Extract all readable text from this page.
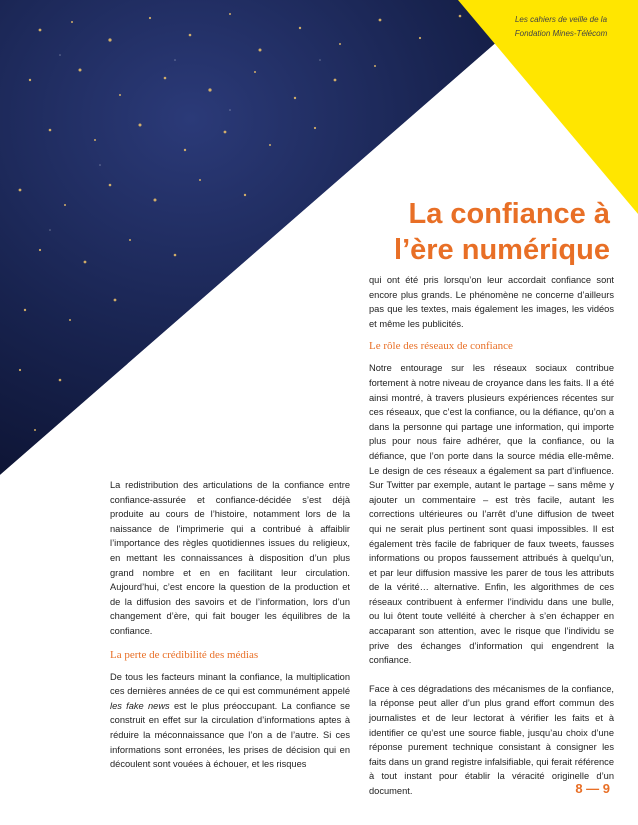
Les cahiers de veille de la
Fondation Mines-Télécom
La confiance à
l’ère numérique

La redistribution des articulations de la confiance entre confiance-assurée et confiance-décidée s’est déjà produite au cours de l’histoire, notamment lors de la naissance de l’imprimerie qui a contribué à affaiblir l’importance des règles quotidiennes issues du religieux, en mettant les connaissances à disposition d’un plus grand nombre et en en facilitant leur circulation. Aujourd’hui, c’est encore la question de la production et de la diffusion des savoirs et de l’information, lors d’un changement d’ère, qui fait bouger les équilibres de la confiance.

La perte de crédibilité des médias

De tous les facteurs minant la confiance, la multiplication ces dernières années de ce qui est communément appelé les fake news est le plus préoccupant. La confiance se construit en effet sur la circulation d’informations aptes à réduire la méconnaissance que l’on a de l’autre. Si ces informations sont erronées, les prises de décision qui en découlent sont vouées à échouer, et les risques

qui ont été pris lorsqu’on leur accordait confiance sont encore plus grands. Le phénomène ne concerne d’ailleurs pas que les textes, mais également les images, les vidéos et même les publicités.

Le rôle des réseaux de confiance

Notre entourage sur les réseaux sociaux contribue fortement à notre niveau de croyance dans les faits. Il a été ainsi montré, à travers plusieurs expériences récentes sur ces réseaux, que c’est la confiance, ou la défiance, qu’on a dans la personne qui partage une information, qui importe plus pour nous faire adhérer, que la confiance, ou la défiance, que l’on porte dans la source média elle-même. Le design de ces réseaux a également sa part d’influence. Sur Twitter par exemple, autant le partage – sans même y ajouter un commentaire – est très facile, autant les corrections ultérieures ou l’arrêt d’une diffusion de tweet qui ne serait plus pertinent sont quasi impossibles. Il est également très facile de fabriquer de faux tweets, fausses informations ou propos faussement attribués à quelqu’un, et par leur diffusion massive les parer de tous les attributs de la vérité… alternative. Enfin, les algorithmes de ces réseaux contribuent à enfermer l’individu dans une bulle, ou lui ôtent toute velléité à chercher à s’en échapper en accaparant son attention, avec le risque que l’individu se prive des échanges d’information qui engendrent la confiance.

Face à ces dégradations des mécanismes de la confiance, la réponse peut aller d’un plus grand effort commun des journalistes et de leur lectorat à vérifier les faits et à identifier ce qu’est une source fiable, jusqu’au choix d’une réponse purement technique consistant à consigner les faits dans un grand registre infalsifiable, qui ferait référence à tout instant pour établir la véracité originelle d’un document.	8 — 9
